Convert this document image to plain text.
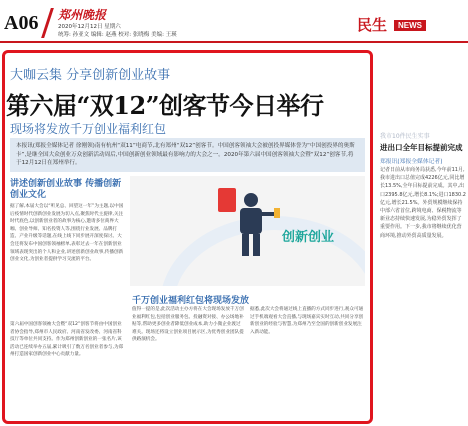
A06 郑州晚报
2020年12月12日 星期六
统筹: 孙亚文 编辑: 赵燕 校对: 张晓梅 美编: 王瑛
民生	NEWS
大咖云集 分享创新创业故事
第六届“双12”创客节今日举行
现场将发放千万创业福利红包
本报讯(郑报全媒体记者 徐刚领)南有杭州“双11”电商节,北有郑州“双12”创客节。中国创客领袖大会被创投界媒体誉为“中国创投界的奥斯卡”,是继全国大众创业万众创新活动周后,中国创新创业领域最有影响力的大会之一。2020年第六届中国创客领袖大会暨“双12”创客节,将于12月12日在郑州举行。
讲述创新创业故事 传播创新创业文化
据了解,本届大会以“听见总、回望这一年”为主题,以中国后疫情时代创新创业发展为切入点,聚焦时代主旋律,关注时代底色,以创新创业者的故事为核心,邀请多位商界大咖、创业导师、知名投资人等,围绕行业发展、品牌打造、产业升级等话题,在线上线下同步展开深度探讨。大会还将发布中国创客领袖榜单,表彰过去一年在创新创业领域表现突出的个人和企业,讲述创新创业故事,传播创新创业文化,为创业者提供学习交流的平台。
第六届中国创客领袖大会暨“双12”创客节将由中国创业者协会指导,郑州市人民政府、河南省发改委、河南省科技厅等单位共同支持。作为郑州创新创业的一张名片,该活动已连续举办五届,累计吸引了数万名创业者参与,为郑州打造国家创新创业中心贡献力量。
创新创业
千万创业福利红包将现场发放
值得一提的是,此次活动主办方将在大会现场发放千万创业福利红包,包括创业服务包、投融资对接、办公场地补贴等,帮助更多创业者降低创业成本,助力小微企业渡过难关。现场还将设立创业项目展示区,为优秀创业团队提供路演机会。
据悉,此次大会将通过线上直播的方式同步进行,观众可通过手机端观看大会直播,与现场嘉宾实时互动,共同分享创新创业的经验与智慧,为郑州乃至全国的创新创业发展注入新动能。
我市10件民生实事
进出口全年目标提前完成
郑报讯(郑报全媒体记者)
记者日前从市商务局获悉,今年前11月,我市进出口总值完成4226亿元,同比增长13.5%,全年目标提前完成。其中,出口2395.8亿元,增长8.1%;进口1830.2亿元,增长21.5%。外贸规模继续保持中部六省首位,跨境电商、保税物流等新业态持续快速发展,为稳外贸发挥了重要作用。下一步,我市将继续优化营商环境,推动外贸高质量发展。
